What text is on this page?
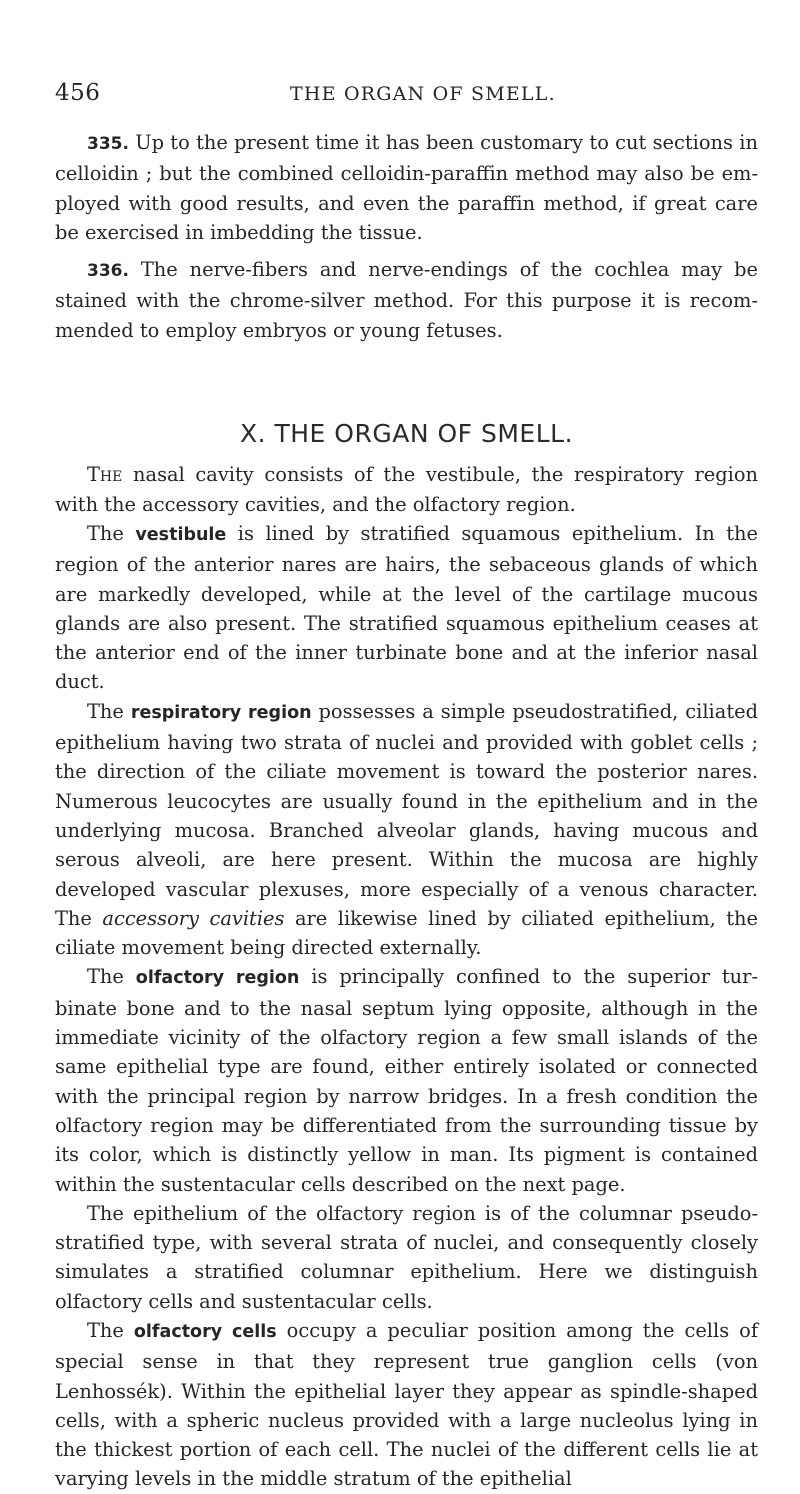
456	THE ORGAN OF SMELL.

335. Up to the present time it has been customary to cut sections in celloidin ; but the combined celloidin-paraffin method may also be employed with good results, and even the paraffin method, if great care be exercised in imbedding the tissue.

336. The nerve-fibers and nerve-endings of the cochlea may be stained with the chrome-silver method. For this purpose it is recommended to employ embryos or young fetuses.

X. THE ORGAN OF SMELL.

The nasal cavity consists of the vestibule, the respiratory region with the accessory cavities, and the olfactory region.

The vestibule is lined by stratified squamous epithelium. In the region of the anterior nares are hairs, the sebaceous glands of which are markedly developed, while at the level of the cartilage mucous glands are also present. The stratified squamous epithelium ceases at the anterior end of the inner turbinate bone and at the inferior nasal duct.

The respiratory region possesses a simple pseudostratified, ciliated epithelium having two strata of nuclei and provided with goblet cells ; the direction of the ciliate movement is toward the posterior nares. Numerous leucocytes are usually found in the epithelium and in the underlying mucosa. Branched alveolar glands, having mucous and serous alveoli, are here present. Within the mucosa are highly developed vascular plexuses, more especially of a venous character. The accessory cavities are likewise lined by ciliated epithelium, the ciliate movement being directed externally.

The olfactory region is principally confined to the superior turbinate bone and to the nasal septum lying opposite, although in the immediate vicinity of the olfactory region a few small islands of the same epithelial type are found, either entirely isolated or connected with the principal region by narrow bridges. In a fresh condition the olfactory region may be differentiated from the surrounding tissue by its color, which is distinctly yellow in man. Its pigment is contained within the sustentacular cells described on the next page.

The epithelium of the olfactory region is of the columnar pseudostratified type, with several strata of nuclei, and consequently closely simulates a stratified columnar epithelium. Here we distinguish olfactory cells and sustentacular cells.

The olfactory cells occupy a peculiar position among the cells of special sense in that they represent true ganglion cells (von Lenhossék). Within the epithelial layer they appear as spindle-shaped cells, with a spheric nucleus provided with a large nucleolus lying in the thickest portion of each cell. The nuclei of the different cells lie at varying levels in the middle stratum of the epithelial
